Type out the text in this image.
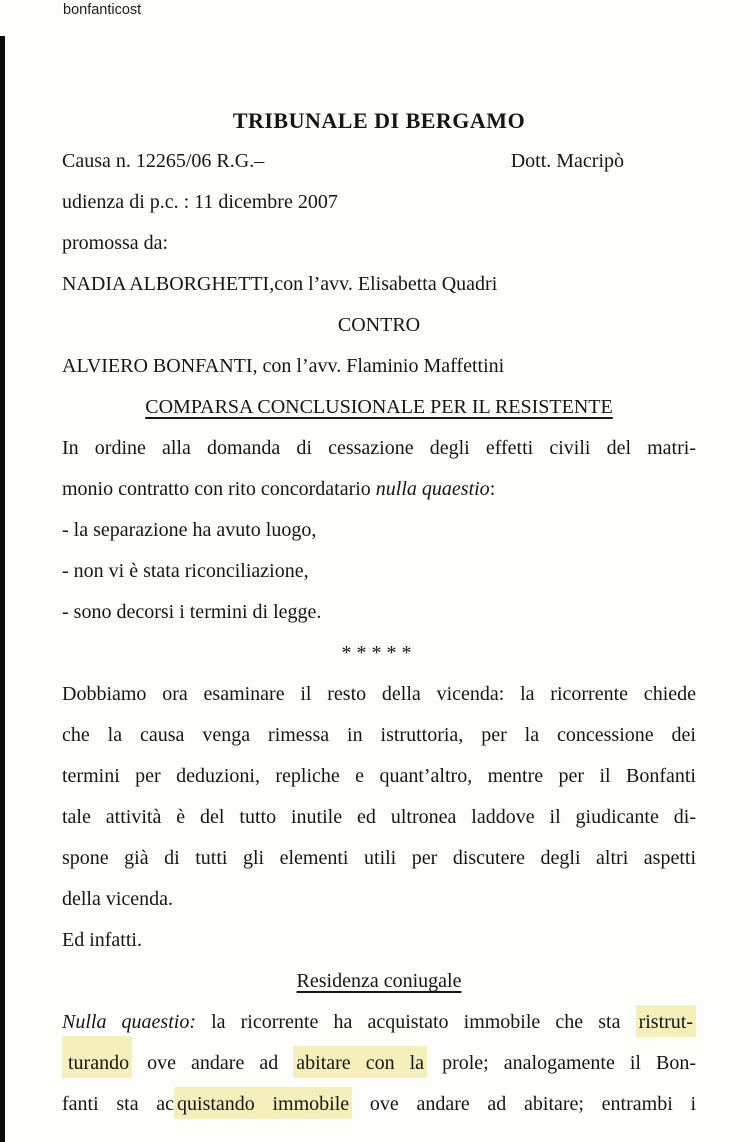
bonfanticost
TRIBUNALE DI BERGAMO
Causa n. 12265/06 R.G.–	Dott. Macripò
udienza di p.c. : 11 dicembre 2007
promossa da:
NADIA ALBORGHETTI,con l’avv. Elisabetta Quadri
CONTRO
ALVIERO BONFANTI, con l’avv. Flaminio Maffettini
COMPARSA CONCLUSIONALE PER IL RESISTENTE
In ordine alla domanda di cessazione degli effetti civili del matri-
monio contratto con rito concordatario nulla quaestio:
- la separazione ha avuto luogo,
- non vi è stata riconciliazione,
- sono decorsi i termini di legge.
*****
Dobbiamo ora esaminare il resto della vicenda: la ricorrente chiede
che la causa venga rimessa in istruttoria, per la concessione dei
termini per deduzioni, repliche e quant’altro, mentre per il Bonfanti
tale attività è del tutto inutile ed ultronea laddove il giudicante di-
spone già di tutti gli elementi utili per discutere degli altri aspetti
della vicenda.
Ed infatti.
Residenza coniugale
Nulla quaestio: la ricorrente ha acquistato immobile che sta ristrut-
turando ove andare ad abitare con la prole; analogamente il Bon-
fanti sta ac quistando immobile ove andare ad abitare; entrambi i
